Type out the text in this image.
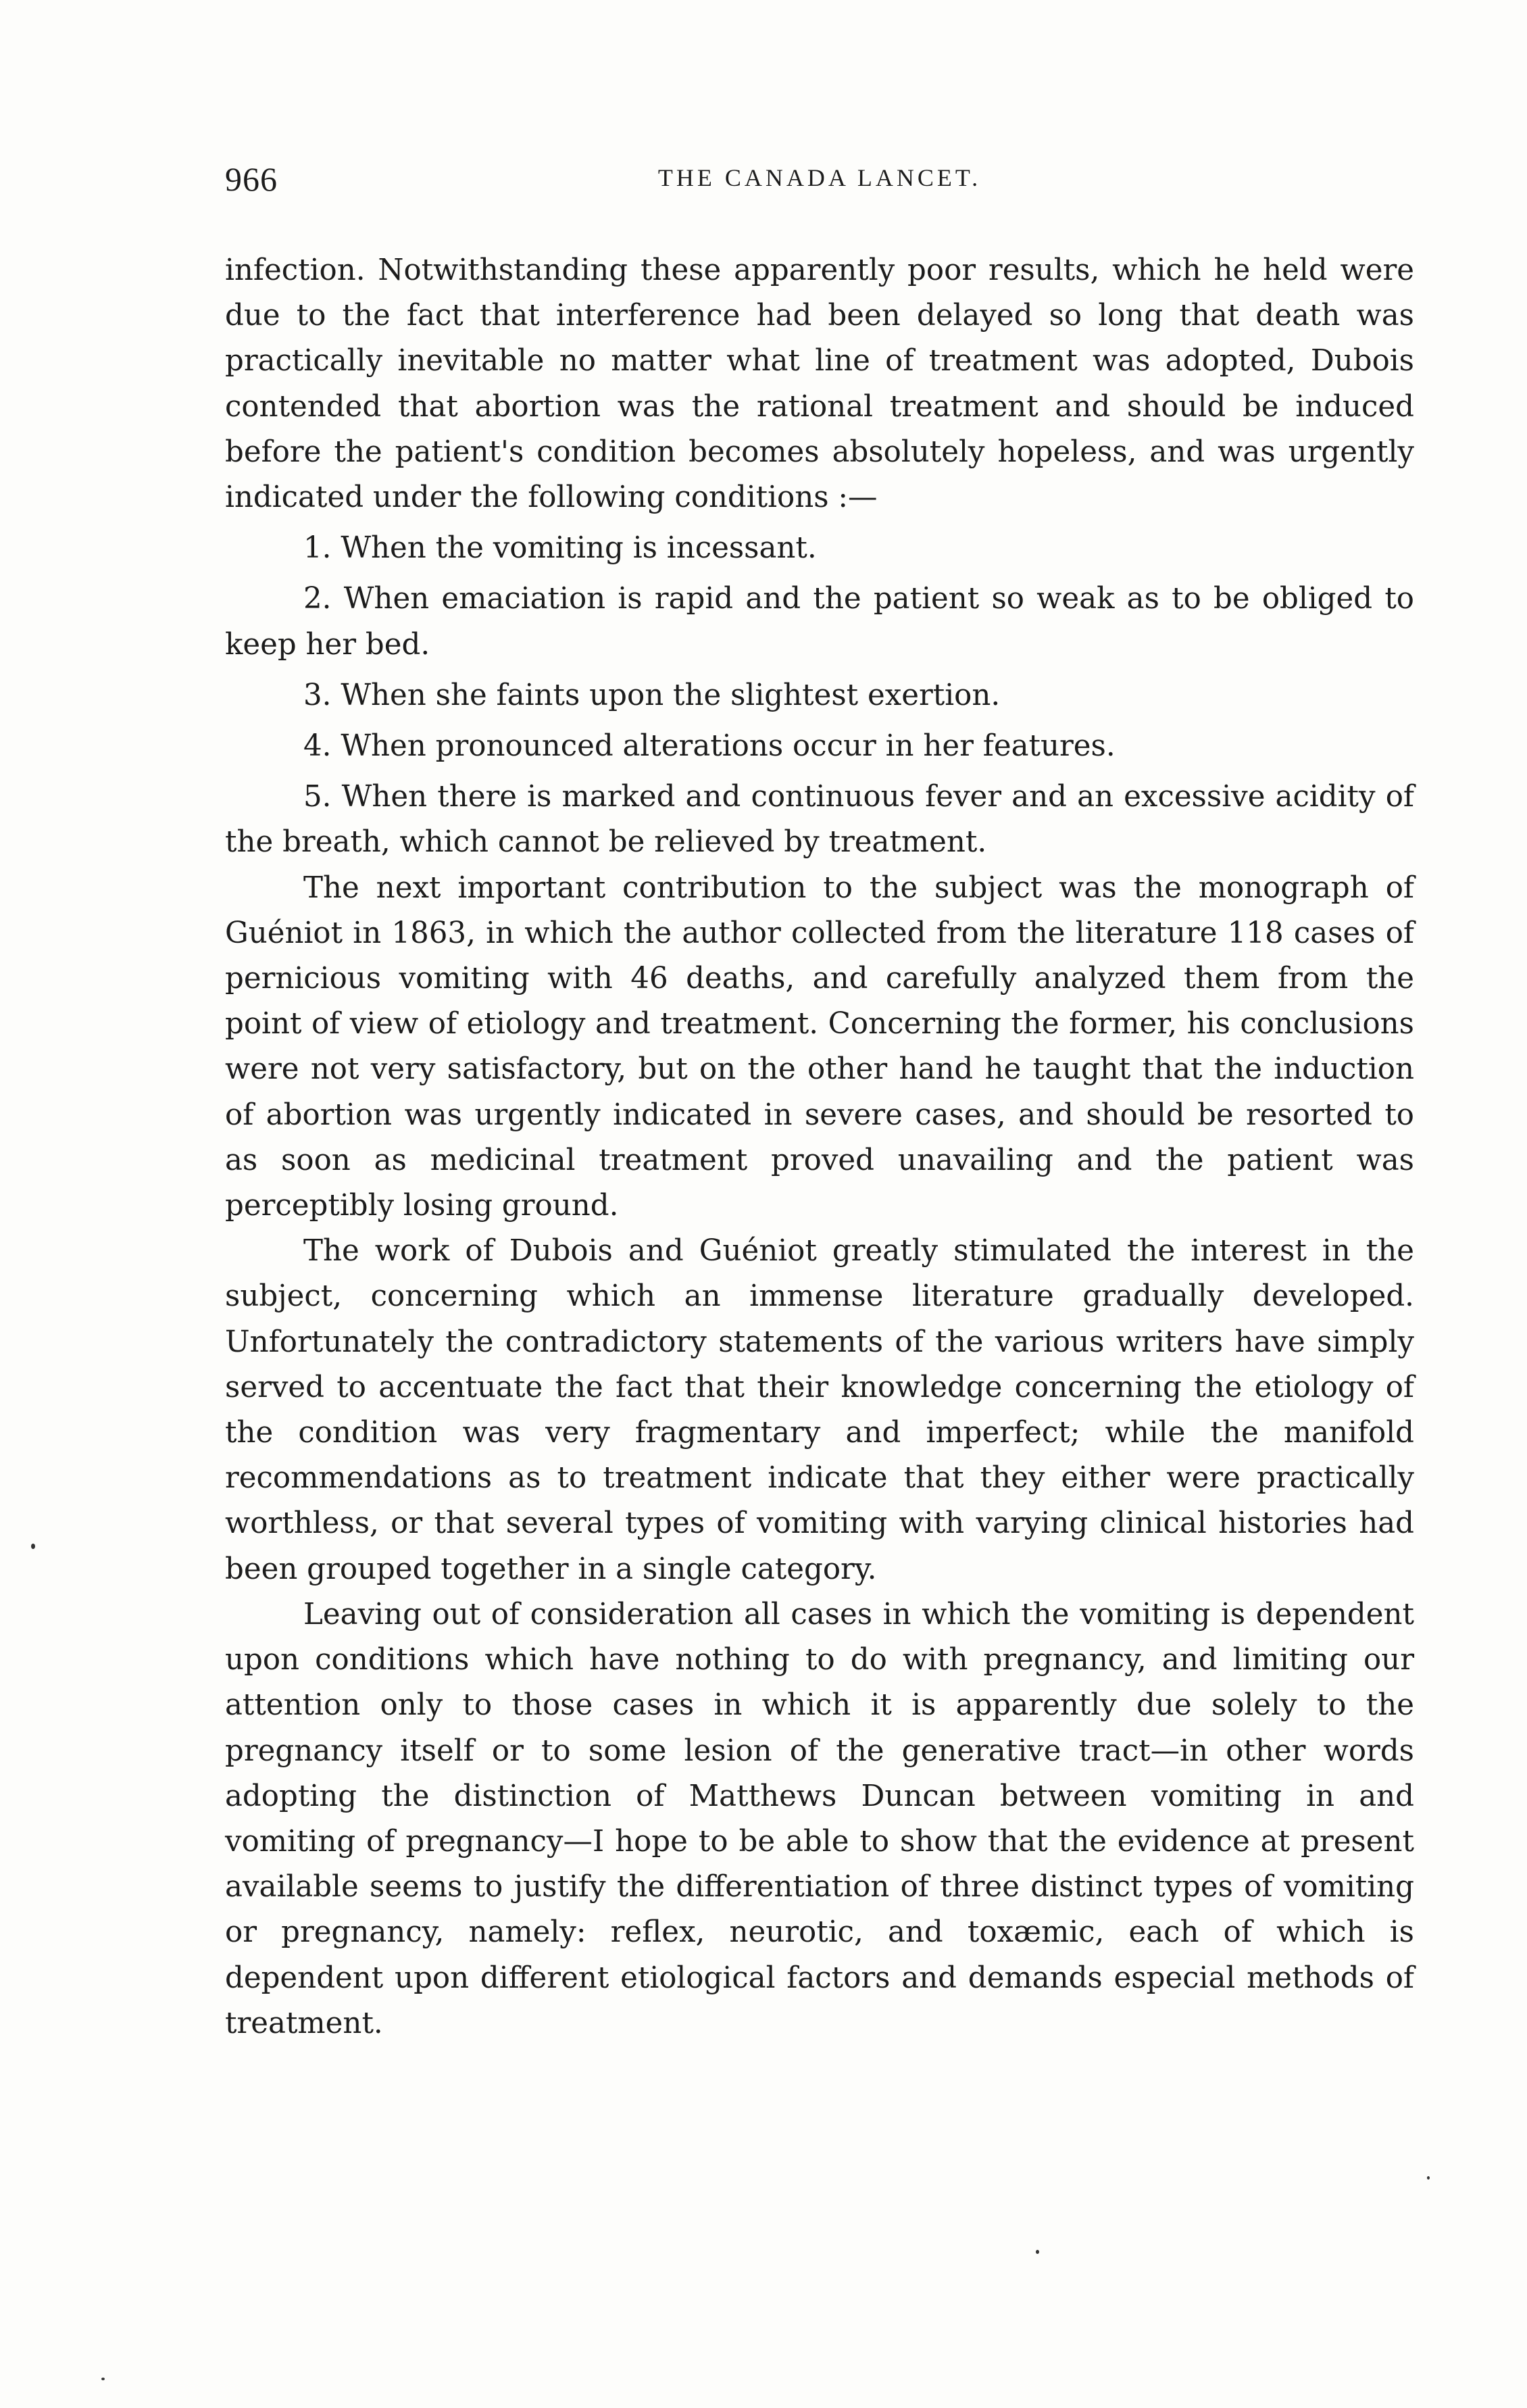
966	THE CANADA LANCET.

infection. Notwithstanding these apparently poor results, which he held were due to the fact that interference had been delayed so long that death was practically inevitable no matter what line of treatment was adopted, Dubois contended that abortion was the rational treatment and should be induced before the patient's condition becomes absolutely hopeless, and was urgently indicated under the following conditions :—

1. When the vomiting is incessant.

2. When emaciation is rapid and the patient so weak as to be obliged to keep her bed.

3. When she faints upon the slightest exertion.

4. When pronounced alterations occur in her features.

5. When there is marked and continuous fever and an excessive acidity of the breath, which cannot be relieved by treatment.

The next important contribution to the subject was the monograph of Guéniot in 1863, in which the author collected from the literature 118 cases of pernicious vomiting with 46 deaths, and carefully analyzed them from the point of view of etiology and treatment. Concerning the former, his conclusions were not very satisfactory, but on the other hand he taught that the induction of abortion was urgently indicated in severe cases, and should be resorted to as soon as medicinal treatment proved unavailing and the patient was perceptibly losing ground.

The work of Dubois and Guéniot greatly stimulated the interest in the subject, concerning which an immense literature gradually developed. Unfortunately the contradictory statements of the various writers have simply served to accentuate the fact that their knowledge concerning the etiology of the condition was very fragmentary and imperfect; while the manifold recommendations as to treatment indicate that they either were practically worthless, or that several types of vomiting with varying clinical histories had been grouped together in a single category.

Leaving out of consideration all cases in which the vomiting is dependent upon conditions which have nothing to do with pregnancy, and limiting our attention only to those cases in which it is apparently due solely to the pregnancy itself or to some lesion of the generative tract—in other words adopting the distinction of Matthews Duncan between vomiting in and vomiting of pregnancy—I hope to be able to show that the evidence at present available seems to justify the differentiation of three distinct types of vomiting or pregnancy, namely: reflex, neurotic, and toxæmic, each of which is dependent upon different etiological factors and demands especial methods of treatment.
